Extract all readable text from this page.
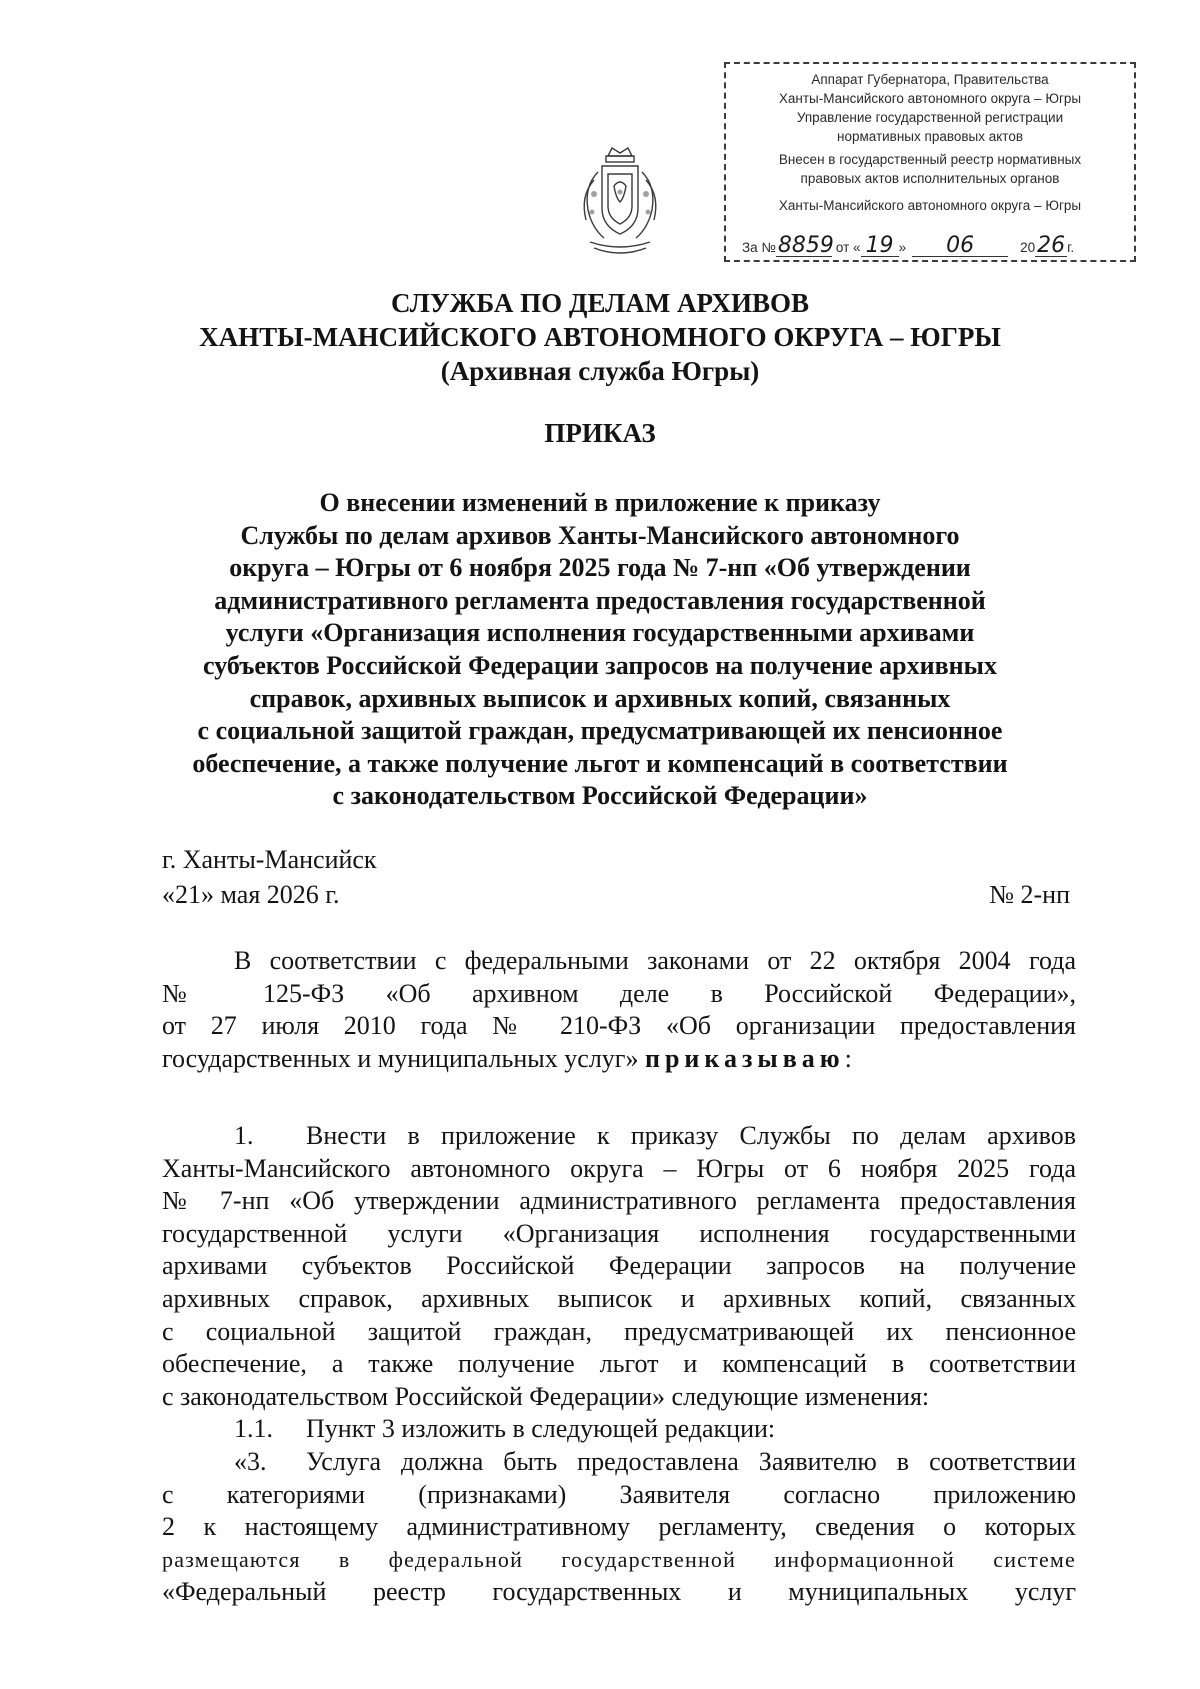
Аппарат Губернатора, Правительства
Ханты-Мансийского автономного округа – Югры
Управление государственной регистрации
нормативных правовых актов
Внесен в государственный реестр нормативных
правовых актов исполнительных органов
Ханты-Мансийского автономного округа – Югры
За № 8859 от « 19 »	06	20 26 г.
СЛУЖБА ПО ДЕЛАМ АРХИВОВ
ХАНТЫ-МАНСИЙСКОГО АВТОНОМНОГО ОКРУГА – ЮГРЫ
(Архивная служба Югры)
ПРИКАЗ
О внесении изменений в приложение к приказу
Службы по делам архивов Ханты-Мансийского автономного
округа – Югры от 6 ноября 2025 года № 7-нп «Об утверждении
административного регламента предоставления государственной
услуги «Организация исполнения государственными архивами
субъектов Российской Федерации запросов на получение архивных
справок, архивных выписок и архивных копий, связанных
с социальной защитой граждан, предусматривающей их пенсионное
обеспечение, а также получение льгот и компенсаций в соответствии
с законодательством Российской Федерации»
г. Ханты-Мансийск
«21» мая 2026 г.	№ 2-нп
В соответствии с федеральными законами от 22 октября 2004 года
№ 125-ФЗ «Об архивном деле в Российской Федерации»,
от 27 июля 2010 года № 210-ФЗ «Об организации предоставления
государственных и муниципальных услуг» приказываю:
1. Внести в приложение к приказу Службы по делам архивов
Ханты-Мансийского автономного округа – Югры от 6 ноября 2025 года
№ 7-нп «Об утверждении административного регламента предоставления
государственной услуги «Организация исполнения государственными
архивами субъектов Российской Федерации запросов на получение
архивных справок, архивных выписок и архивных копий, связанных
с социальной защитой граждан, предусматривающей их пенсионное
обеспечение, а также получение льгот и компенсаций в соответствии
с законодательством Российской Федерации» следующие изменения:
1.1. Пункт 3 изложить в следующей редакции:
«3. Услуга должна быть предоставлена Заявителю в соответствии
с категориями (признаками) Заявителя согласно приложению
2 к настоящему административному регламенту, сведения о которых
размещаются в федеральной государственной информационной системе
«Федеральный реестр государственных и муниципальных услуг
